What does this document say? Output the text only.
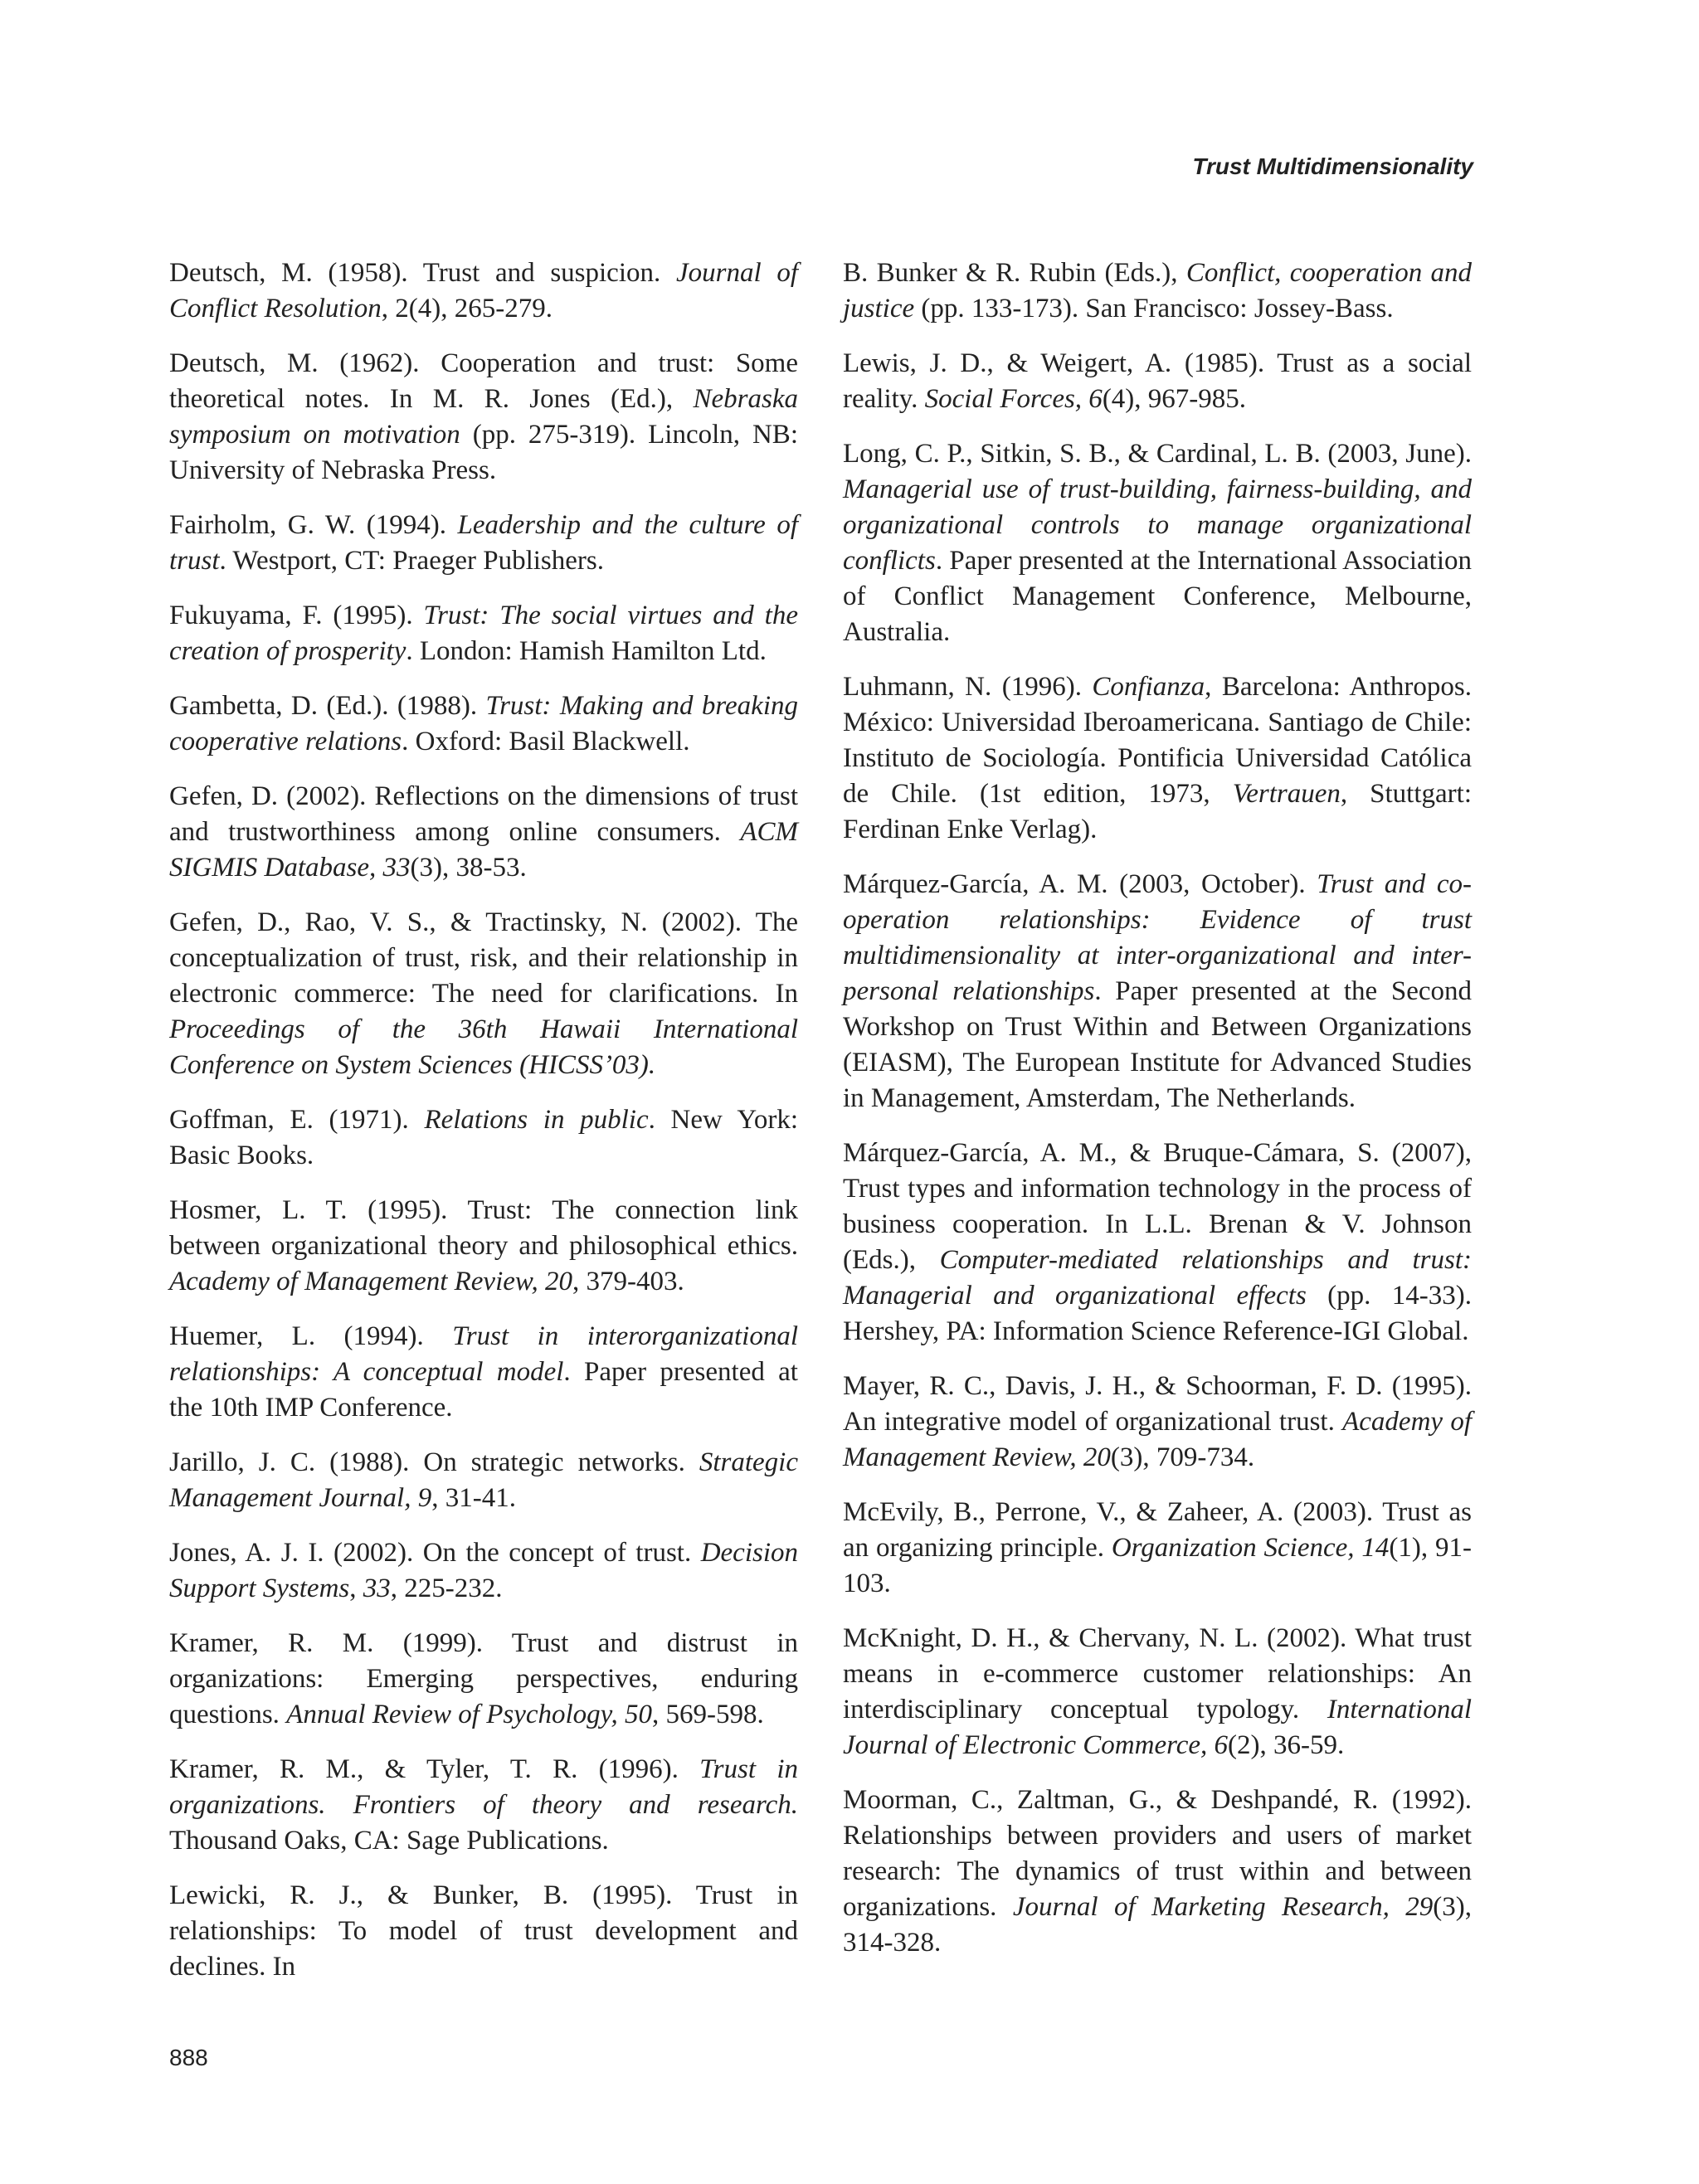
Trust Multidimensionality

Deutsch, M. (1958). Trust and suspicion. Journal of Conflict Resolution, 2(4), 265-279.

Deutsch, M. (1962). Cooperation and trust: Some theoretical notes. In M. R. Jones (Ed.), Nebraska symposium on motivation (pp. 275-319). Lincoln, NB: University of Nebraska Press.

Fairholm, G. W. (1994). Leadership and the culture of trust. Westport, CT: Praeger Publishers.

Fukuyama, F. (1995). Trust: The social virtues and the creation of prosperity. London: Hamish Hamilton Ltd.

Gambetta, D. (Ed.). (1988). Trust: Making and breaking cooperative relations. Oxford: Basil Blackwell.

Gefen, D. (2002). Reflections on the dimensions of trust and trustworthiness among online consumers. ACM SIGMIS Database, 33(3), 38-53.

Gefen, D., Rao, V. S., & Tractinsky, N. (2002). The conceptualization of trust, risk, and their relationship in electronic commerce: The need for clarifications. In Proceedings of the 36th Hawaii International Conference on System Sciences (HICSS’03).

Goffman, E. (1971). Relations in public. New York: Basic Books.

Hosmer, L. T. (1995). Trust: The connection link between organizational theory and philosophical ethics. Academy of Management Review, 20, 379-403.

Huemer, L. (1994). Trust in interorganizational relationships: A conceptual model. Paper presented at the 10th IMP Conference.

Jarillo, J. C. (1988). On strategic networks. Strategic Management Journal, 9, 31-41.

Jones, A. J. I. (2002). On the concept of trust. Decision Support Systems, 33, 225-232.

Kramer, R. M. (1999). Trust and distrust in organizations: Emerging perspectives, enduring questions. Annual Review of Psychology, 50, 569-598.

Kramer, R. M., & Tyler, T. R. (1996). Trust in organizations. Frontiers of theory and research. Thousand Oaks, CA: Sage Publications.

Lewicki, R. J., & Bunker, B. (1995). Trust in relationships: To model of trust development and declines. In

B. Bunker & R. Rubin (Eds.), Conflict, cooperation and justice (pp. 133-173). San Francisco: Jossey-Bass.

Lewis, J. D., & Weigert, A. (1985). Trust as a social reality. Social Forces, 6(4), 967-985.

Long, C. P., Sitkin, S. B., & Cardinal, L. B. (2003, June). Managerial use of trust-building, fairness-building, and organizational controls to manage organizational conflicts. Paper presented at the International Association of Conflict Management Conference, Melbourne, Australia.

Luhmann, N. (1996). Confianza, Barcelona: Anthropos. México: Universidad Iberoamericana. Santiago de Chile: Instituto de Sociología. Pontificia Universidad Católica de Chile. (1st edition, 1973, Vertrauen, Stuttgart: Ferdinan Enke Verlag).

Márquez-García, A. M. (2003, October). Trust and co-operation relationships: Evidence of trust multidimensionality at inter-organizational and inter-personal relationships. Paper presented at the Second Workshop on Trust Within and Between Organizations (EIASM), The European Institute for Advanced Studies in Management, Amsterdam, The Netherlands.

Márquez-García, A. M., & Bruque-Cámara, S. (2007), Trust types and information technology in the process of business cooperation. In L.L. Brenan & V. Johnson (Eds.), Computer-mediated relationships and trust: Managerial and organizational effects (pp. 14-33). Hershey, PA: Information Science Reference-IGI Global.

Mayer, R. C., Davis, J. H., & Schoorman, F. D. (1995). An integrative model of organizational trust. Academy of Management Review, 20(3), 709-734.

McEvily, B., Perrone, V., & Zaheer, A. (2003). Trust as an organizing principle. Organization Science, 14(1), 91-103.

McKnight, D. H., & Chervany, N. L. (2002). What trust means in e-commerce customer relationships: An interdisciplinary conceptual typology. International Journal of Electronic Commerce, 6(2), 36-59.

Moorman, C., Zaltman, G., & Deshpandé, R. (1992). Relationships between providers and users of market research: The dynamics of trust within and between organizations. Journal of Marketing Research, 29(3), 314-328.

888
